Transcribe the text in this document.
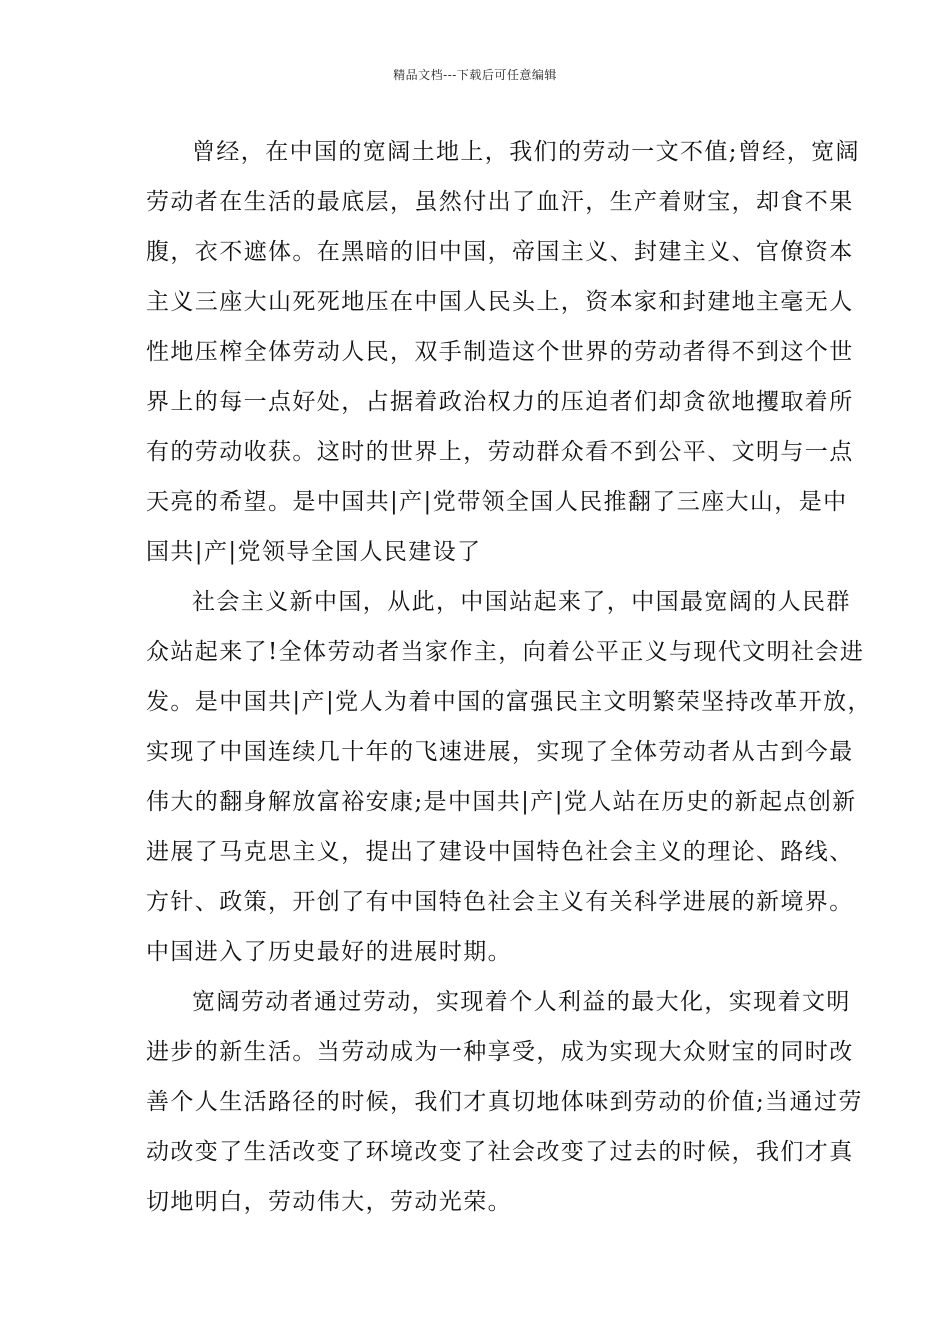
精品文档---下载后可任意编辑
曾经，在中国的宽阔土地上，我们的劳动一文不值;曾经，宽阔
劳动者在生活的最底层，虽然付出了血汗，生产着财宝，却食不果
腹，衣不遮体。在黑暗的旧中国，帝国主义、封建主义、官僚资本
主义三座大山死死地压在中国人民头上，资本家和封建地主毫无人
性地压榨全体劳动人民，双手制造这个世界的劳动者得不到这个世
界上的每一点好处，占据着政治权力的压迫者们却贪欲地攫取着所
有的劳动收获。这时的世界上，劳动群众看不到公平、文明与一点
天亮的希望。是中国共|产|党带领全国人民推翻了三座大山，是中
国共|产|党领导全国人民建设了
社会主义新中国，从此，中国站起来了，中国最宽阔的人民群
众站起来了!全体劳动者当家作主，向着公平正义与现代文明社会进
发。是中国共|产|党人为着中国的富强民主文明繁荣坚持改革开放，
实现了中国连续几十年的飞速进展，实现了全体劳动者从古到今最
伟大的翻身解放富裕安康;是中国共|产|党人站在历史的新起点创新
进展了马克思主义，提出了建设中国特色社会主义的理论、路线、
方针、政策，开创了有中国特色社会主义有关科学进展的新境界。
中国进入了历史最好的进展时期。
宽阔劳动者通过劳动，实现着个人利益的最大化，实现着文明
进步的新生活。当劳动成为一种享受，成为实现大众财宝的同时改
善个人生活路径的时候，我们才真切地体味到劳动的价值;当通过劳
动改变了生活改变了环境改变了社会改变了过去的时候，我们才真
切地明白，劳动伟大，劳动光荣。
